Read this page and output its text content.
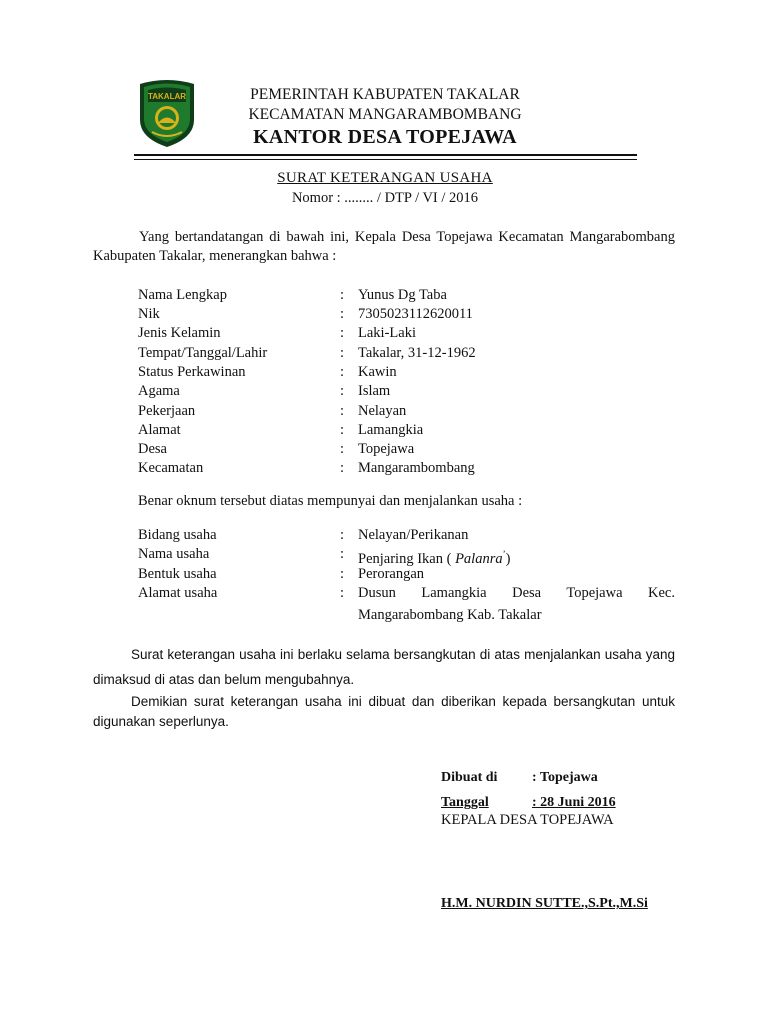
TAKALAR	PEMERINTAH KABUPATEN TAKALAR
KECAMATAN MANGARAMBOMBANG
KANTOR DESA TOPEJAWA
SURAT KETERANGAN USAHA
Nomor : ........ / DTP / VI / 2016
Yang bertandatangan di bawah ini, Kepala Desa Topejawa Kecamatan Mangarabombang Kabupaten Takalar, menerangkan bahwa :
Nama Lengkap	: Yunus Dg Taba
Nik	: 7305023112620011
Jenis Kelamin	: Laki-Laki
Tempat/Tanggal/Lahir	: Takalar, 31-12-1962
Status Perkawinan	: Kawin
Agama	: Islam
Pekerjaan	: Nelayan
Alamat	: Lamangkia
Desa	: Topejawa
Kecamatan	: Mangarambombang
Benar oknum tersebut diatas mempunyai dan menjalankan usaha :
Bidang usaha	: Nelayan/Perikanan
Nama usaha	: Penjaring Ikan ( Palanra’)
Bentuk usaha	: Perorangan
Alamat usaha	: Dusun Lamangkia Desa Topejawa Kec. Mangarabombang Kab. Takalar
Surat keterangan usaha ini berlaku selama bersangkutan di atas menjalankan usaha yang dimaksud di atas dan belum mengubahnya.
Demikian surat keterangan usaha ini dibuat dan diberikan kepada bersangkutan untuk digunakan seperlunya.
Dibuat di : Topejawa
Tanggal	: 28 Juni 2016
KEPALA DESA TOPEJAWA
H.M. NURDIN SUTTE.,S.Pt.,M.Si
